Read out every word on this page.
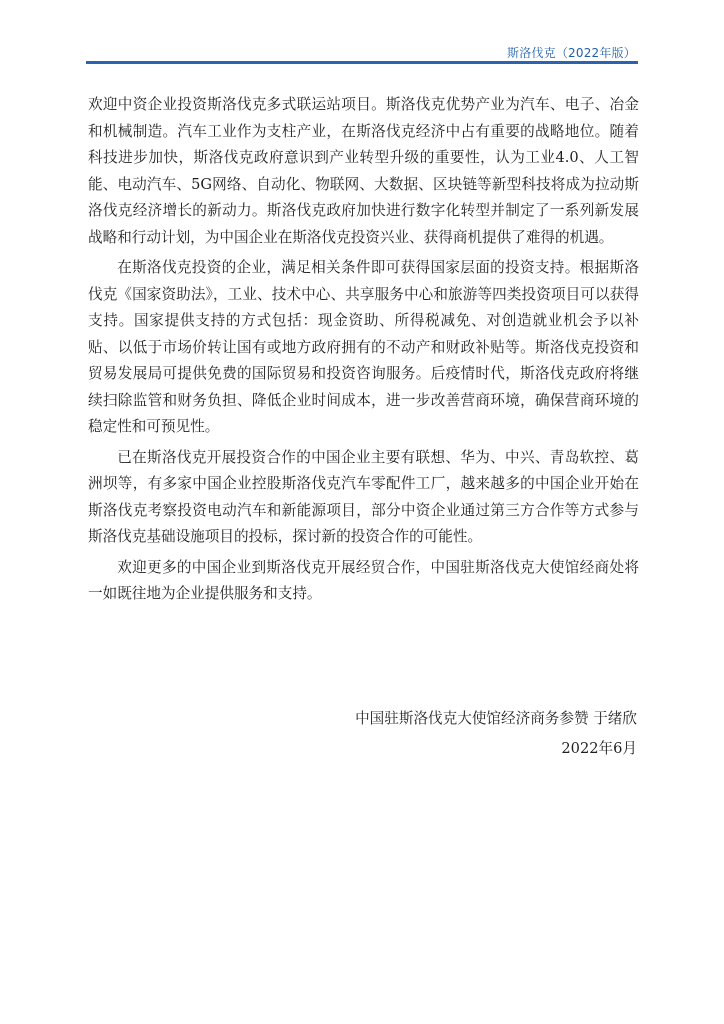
斯洛伐克（2022年版）

欢迎中资企业投资斯洛伐克多式联运站项目。斯洛伐克优势产业为汽车、电子、冶金和机械制造。汽车工业作为支柱产业，在斯洛伐克经济中占有重要的战略地位。随着科技进步加快，斯洛伐克政府意识到产业转型升级的重要性，认为工业4.0、人工智能、电动汽车、5G网络、自动化、物联网、大数据、区块链等新型科技将成为拉动斯洛伐克经济增长的新动力。斯洛伐克政府加快进行数字化转型并制定了一系列新发展战略和行动计划，为中国企业在斯洛伐克投资兴业、获得商机提供了难得的机遇。

在斯洛伐克投资的企业，满足相关条件即可获得国家层面的投资支持。根据斯洛伐克《国家资助法》，工业、技术中心、共享服务中心和旅游等四类投资项目可以获得支持。国家提供支持的方式包括：现金资助、所得税减免、对创造就业机会予以补贴、以低于市场价转让国有或地方政府拥有的不动产和财政补贴等。斯洛伐克投资和贸易发展局可提供免费的国际贸易和投资咨询服务。后疫情时代，斯洛伐克政府将继续扫除监管和财务负担、降低企业时间成本，进一步改善营商环境，确保营商环境的稳定性和可预见性。

已在斯洛伐克开展投资合作的中国企业主要有联想、华为、中兴、青岛软控、葛洲坝等，有多家中国企业控股斯洛伐克汽车零配件工厂，越来越多的中国企业开始在斯洛伐克考察投资电动汽车和新能源项目，部分中资企业通过第三方合作等方式参与斯洛伐克基础设施项目的投标，探讨新的投资合作的可能性。

欢迎更多的中国企业到斯洛伐克开展经贸合作，中国驻斯洛伐克大使馆经商处将一如既往地为企业提供服务和支持。

中国驻斯洛伐克大使馆经济商务参赞 于绪欣
2022年6月
